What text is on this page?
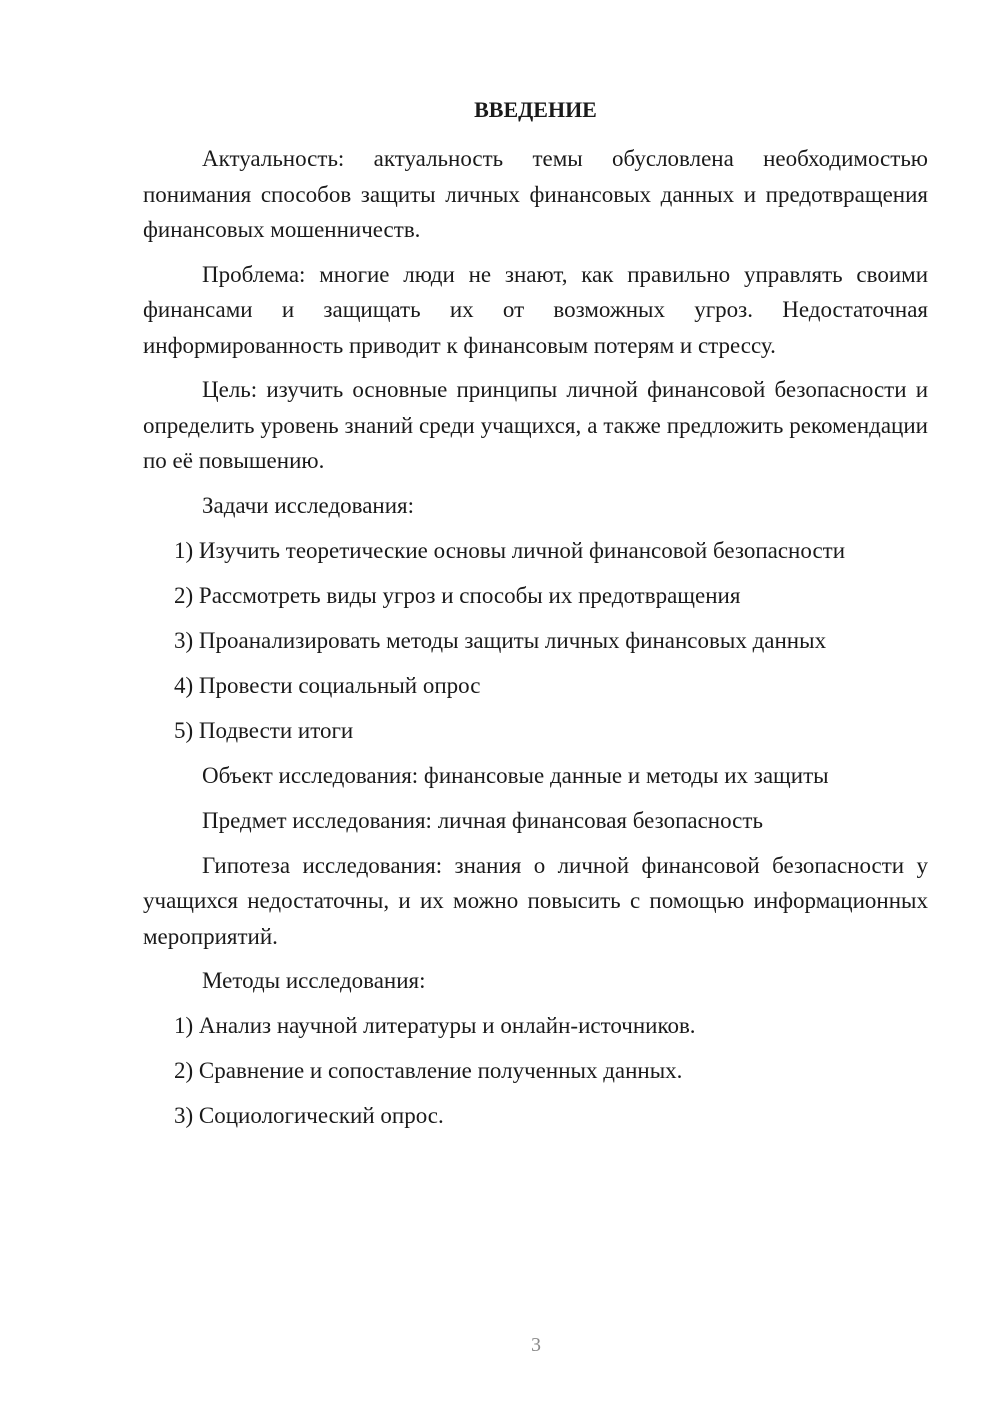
ВВЕДЕНИЕ

Актуальность: актуальность темы обусловлена необходимостью понимания способов защиты личных финансовых данных и предотвращения финансовых мошенничеств.

Проблема: многие люди не знают, как правильно управлять своими финансами и защищать их от возможных угроз. Недостаточная информированность приводит к финансовым потерям и стрессу.

Цель: изучить основные принципы личной финансовой безопасности и определить уровень знаний среди учащихся, а также предложить рекомендации по её повышению.

Задачи исследования:
1) Изучить теоретические основы личной финансовой безопасности
2) Рассмотреть виды угроз и способы их предотвращения
3) Проанализировать методы защиты личных финансовых данных
4) Провести социальный опрос
5) Подвести итоги
Объект исследования: финансовые данные и методы их защиты
Предмет исследования: личная финансовая безопасность

Гипотеза исследования: знания о личной финансовой безопасности у учащихся недостаточны, и их можно повысить с помощью информационных мероприятий.

Методы исследования:
1) Анализ научной литературы и онлайн-источников.
2) Сравнение и сопоставление полученных данных.
3) Социологический опрос.
3
